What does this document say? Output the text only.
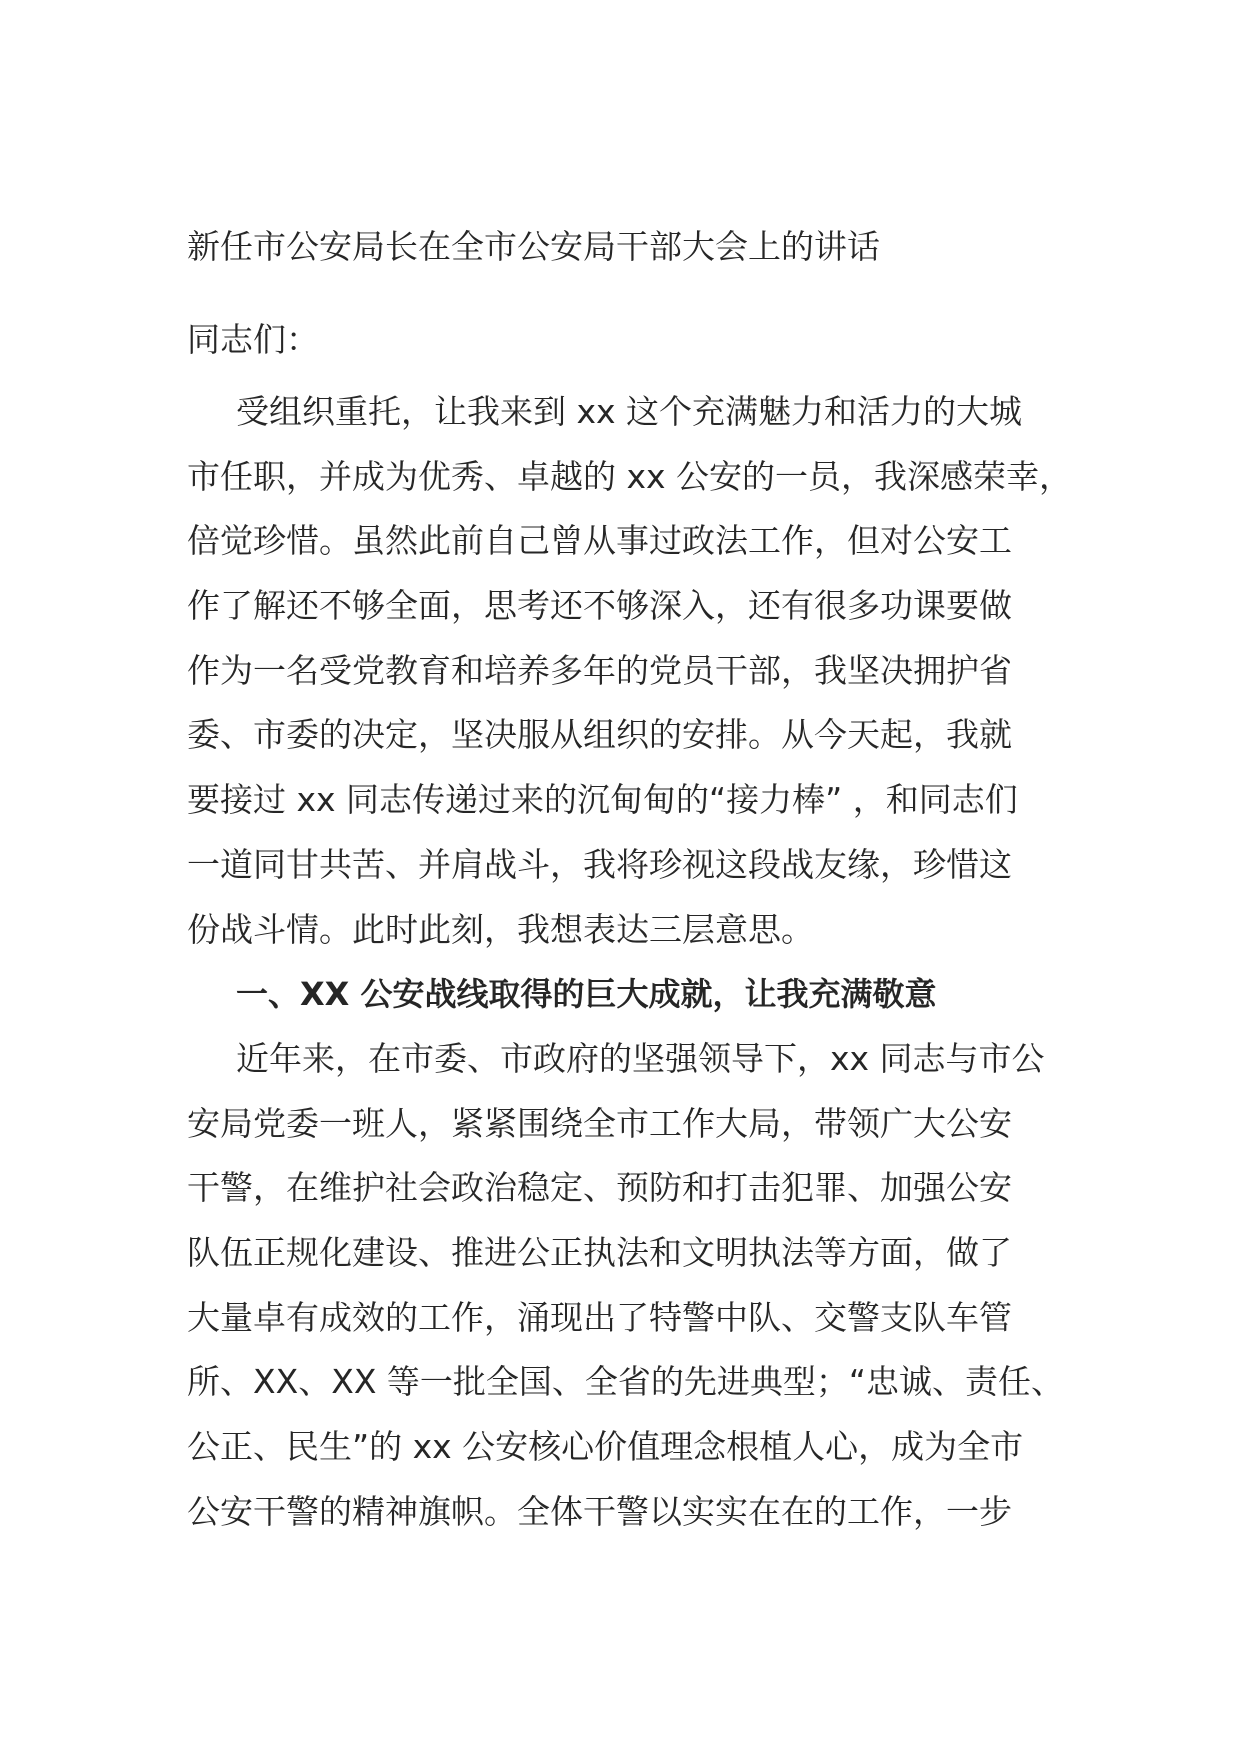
新任市公安局长在全市公安局干部大会上的讲话
同志们：
受组织重托，让我来到 xx 这个充满魅力和活力的大城
市任职，并成为优秀、卓越的 xx 公安的一员，我深感荣幸，
倍觉珍惜。虽然此前自己曾从事过政法工作，但对公安工
作了解还不够全面，思考还不够深入，还有很多功课要做
作为一名受党教育和培养多年的党员干部，我坚决拥护省
委、市委的决定，坚决服从组织的安排。从今天起，我就
要接过 xx 同志传递过来的沉甸甸的“接力棒” ，和同志们
一道同甘共苦、并肩战斗，我将珍视这段战友缘，珍惜这
份战斗情。此时此刻，我想表达三层意思。
一、XX 公安战线取得的巨大成就，让我充满敬意
近年来，在市委、市政府的坚强领导下，xx 同志与市公
安局党委一班人，紧紧围绕全市工作大局，带领广大公安
干警，在维护社会政治稳定、预防和打击犯罪、加强公安
队伍正规化建设、推进公正执法和文明执法等方面，做了
大量卓有成效的工作，涌现出了特警中队、交警支队车管
所、XX、XX 等一批全国、全省的先进典型；“忠诚、责任、
公正、民生”的 xx 公安核心价值理念根植人心，成为全市
公安干警的精神旗帜。全体干警以实实在在的工作，一步
